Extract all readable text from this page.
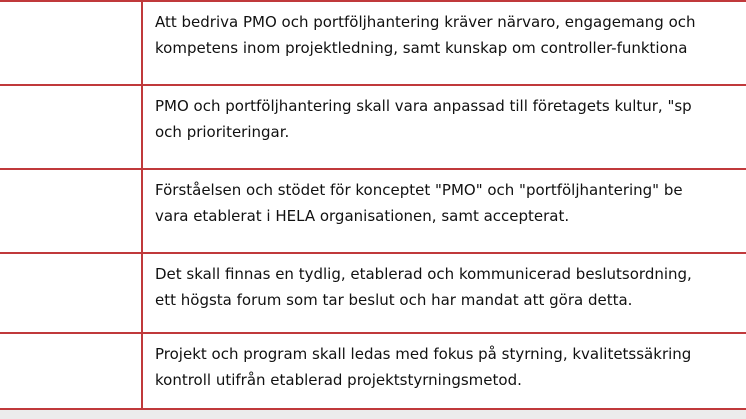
Att bedriva PMO och portföljhantering kräver närvaro, engagemang och
kompetens inom projektledning, samt kunskap om controller-funktiona
PMO och portföljhantering skall vara anpassad till företagets kultur, "sp
och prioriteringar.
Förståelsen och stödet för konceptet "PMO" och "portföljhantering" be
vara etablerat i HELA organisationen, samt accepterat.
Det skall finnas en tydlig, etablerad och kommunicerad beslutsordning,
ett högsta forum som tar beslut och har mandat att göra detta.
Projekt och program skall ledas med fokus på styrning, kvalitetssäkring
kontroll utifrån etablerad projektstyrningsmetod.
